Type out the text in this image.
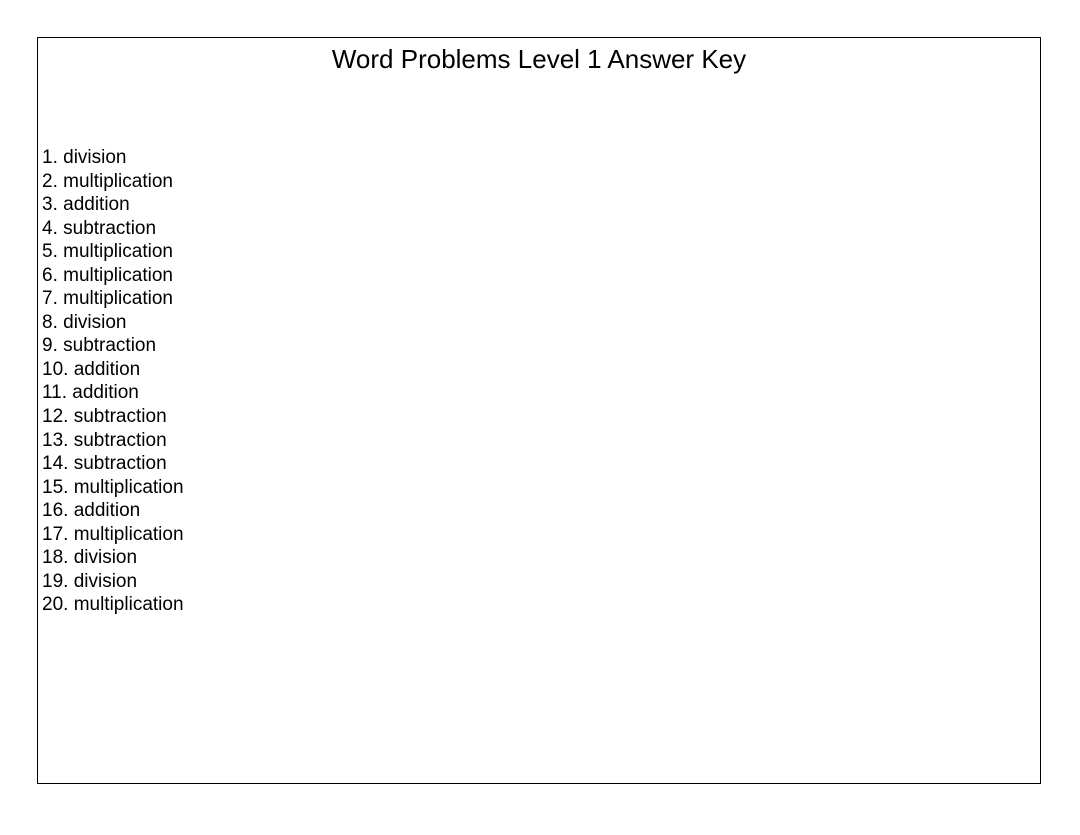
Word Problems Level 1 Answer Key
1. division
2. multiplication
3. addition
4. subtraction
5. multiplication
6. multiplication
7. multiplication
8. division
9. subtraction
10. addition
11. addition
12. subtraction
13. subtraction
14. subtraction
15. multiplication
16. addition
17. multiplication
18. division
19. division
20. multiplication
